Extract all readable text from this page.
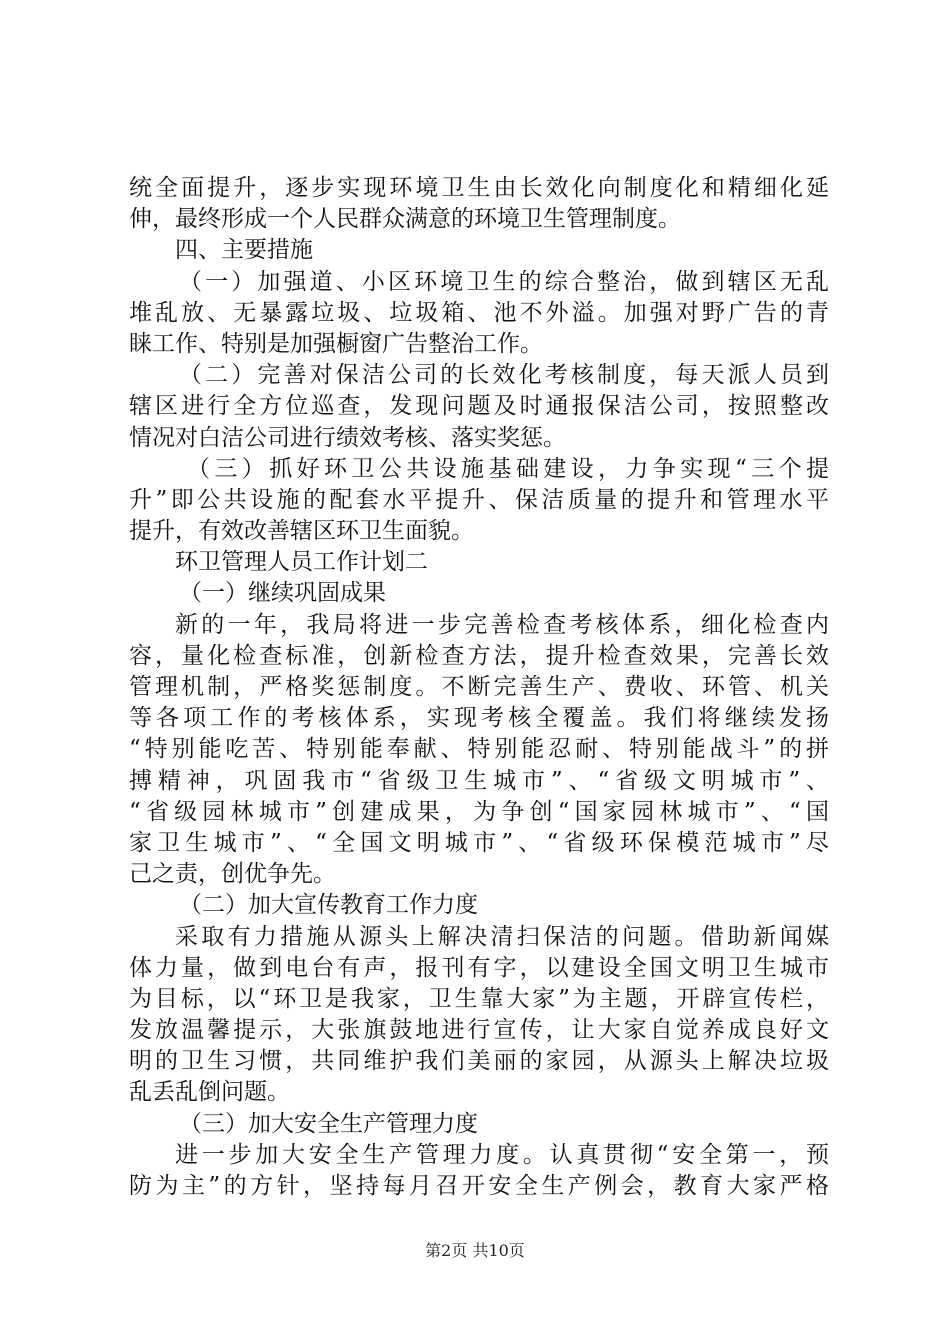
统全面提升，逐步实现环境卫生由长效化向制度化和精细化延
伸，最终形成一个人民群众满意的环境卫生管理制度。
四、主要措施
（一）加强道、小区环境卫生的综合整治，做到辖区无乱
堆乱放、无暴露垃圾、垃圾箱、池不外溢。加强对野广告的青
睐工作、特别是加强橱窗广告整治工作。
（二）完善对保洁公司的长效化考核制度，每天派人员到
辖区进行全方位巡查，发现问题及时通报保洁公司，按照整改
情况对白洁公司进行绩效考核、落实奖惩。
（三）抓好环卫公共设施基础建设，力争实现“三个提
升”即公共设施的配套水平提升、保洁质量的提升和管理水平
提升，有效改善辖区环卫生面貌。
环卫管理人员工作计划二
（一）继续巩固成果
新的一年，我局将进一步完善检查考核体系，细化检查内
容，量化检查标准，创新检查方法，提升检查效果，完善长效
管理机制，严格奖惩制度。不断完善生产、费收、环管、机关
等各项工作的考核体系，实现考核全覆盖。我们将继续发扬
“特别能吃苦、特别能奉献、特别能忍耐、特别能战斗”的拼
搏精神，巩固我市“省级卫生城市”、“省级文明城市”、
“省级园林城市”创建成果，为争创“国家园林城市”、“国
家卫生城市”、“全国文明城市”、“省级环保模范城市”尽
己之责，创优争先。
（二）加大宣传教育工作力度
采取有力措施从源头上解决清扫保洁的问题。借助新闻媒
体力量，做到电台有声，报刊有字，以建设全国文明卫生城市
为目标，以“环卫是我家，卫生靠大家”为主题，开辟宣传栏，
发放温馨提示，大张旗鼓地进行宣传，让大家自觉养成良好文
明的卫生习惯，共同维护我们美丽的家园，从源头上解决垃圾
乱丢乱倒问题。
（三）加大安全生产管理力度
进一步加大安全生产管理力度。认真贯彻“安全第一，预
防为主”的方针，坚持每月召开安全生产例会，教育大家严格
第2页 共10页
